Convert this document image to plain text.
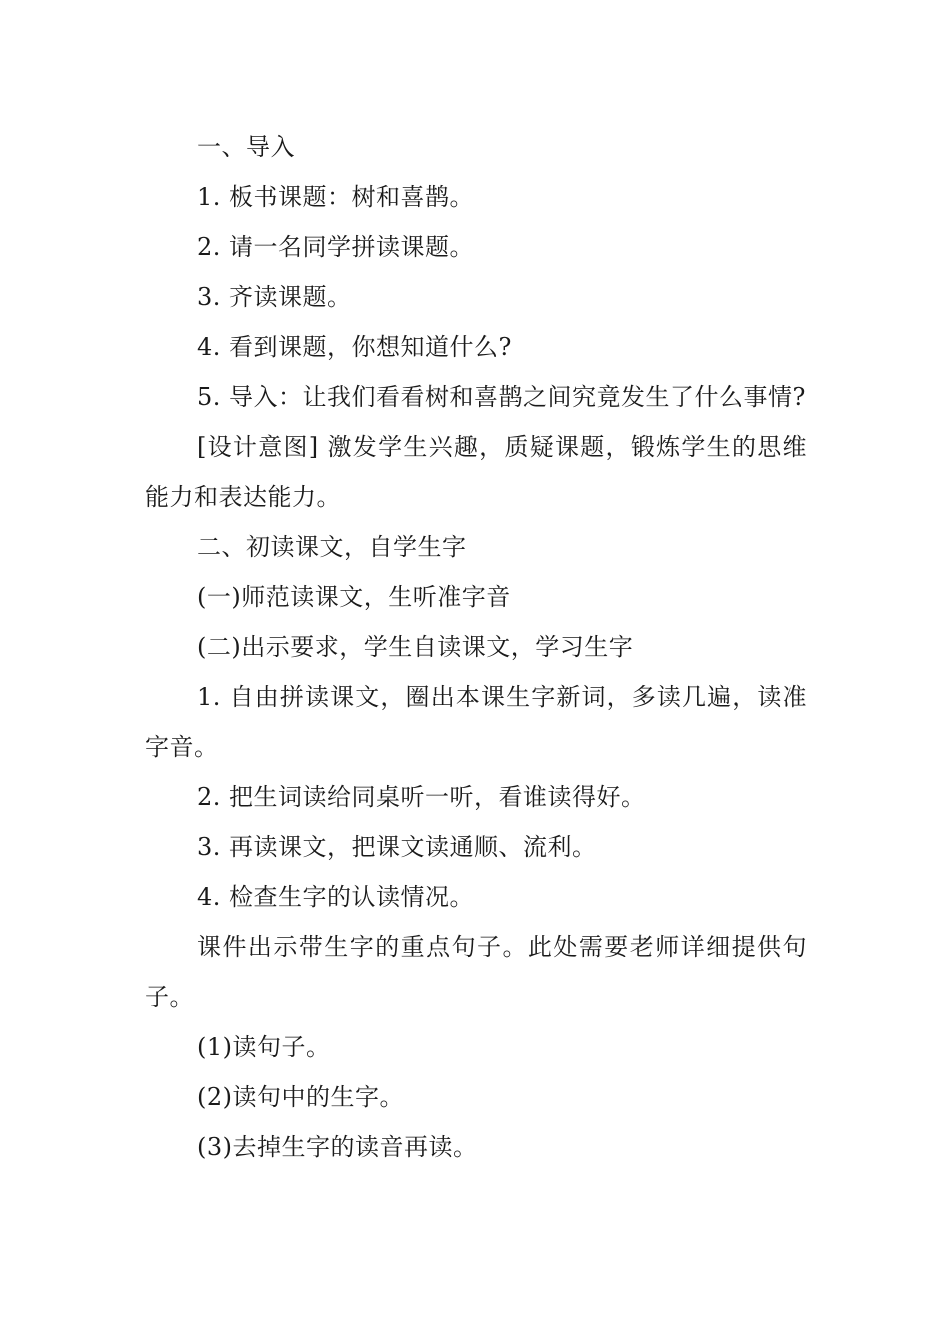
一、导入

1. 板书课题：树和喜鹊。

2. 请一名同学拼读课题。

3. 齐读课题。

4. 看到课题，你想知道什么?

5. 导入：让我们看看树和喜鹊之间究竟发生了什么事情?

[设计意图] 激发学生兴趣，质疑课题，锻炼学生的思维能力和表达能力。

二、初读课文，自学生字

(一)师范读课文，生听准字音

(二)出示要求，学生自读课文，学习生字

1. 自由拼读课文，圈出本课生字新词，多读几遍，读准字音。

2. 把生词读给同桌听一听，看谁读得好。

3. 再读课文，把课文读通顺、流利。

4. 检查生字的认读情况。

课件出示带生字的重点句子。此处需要老师详细提供句子。

(1)读句子。

(2)读句中的生字。

(3)去掉生字的读音再读。
